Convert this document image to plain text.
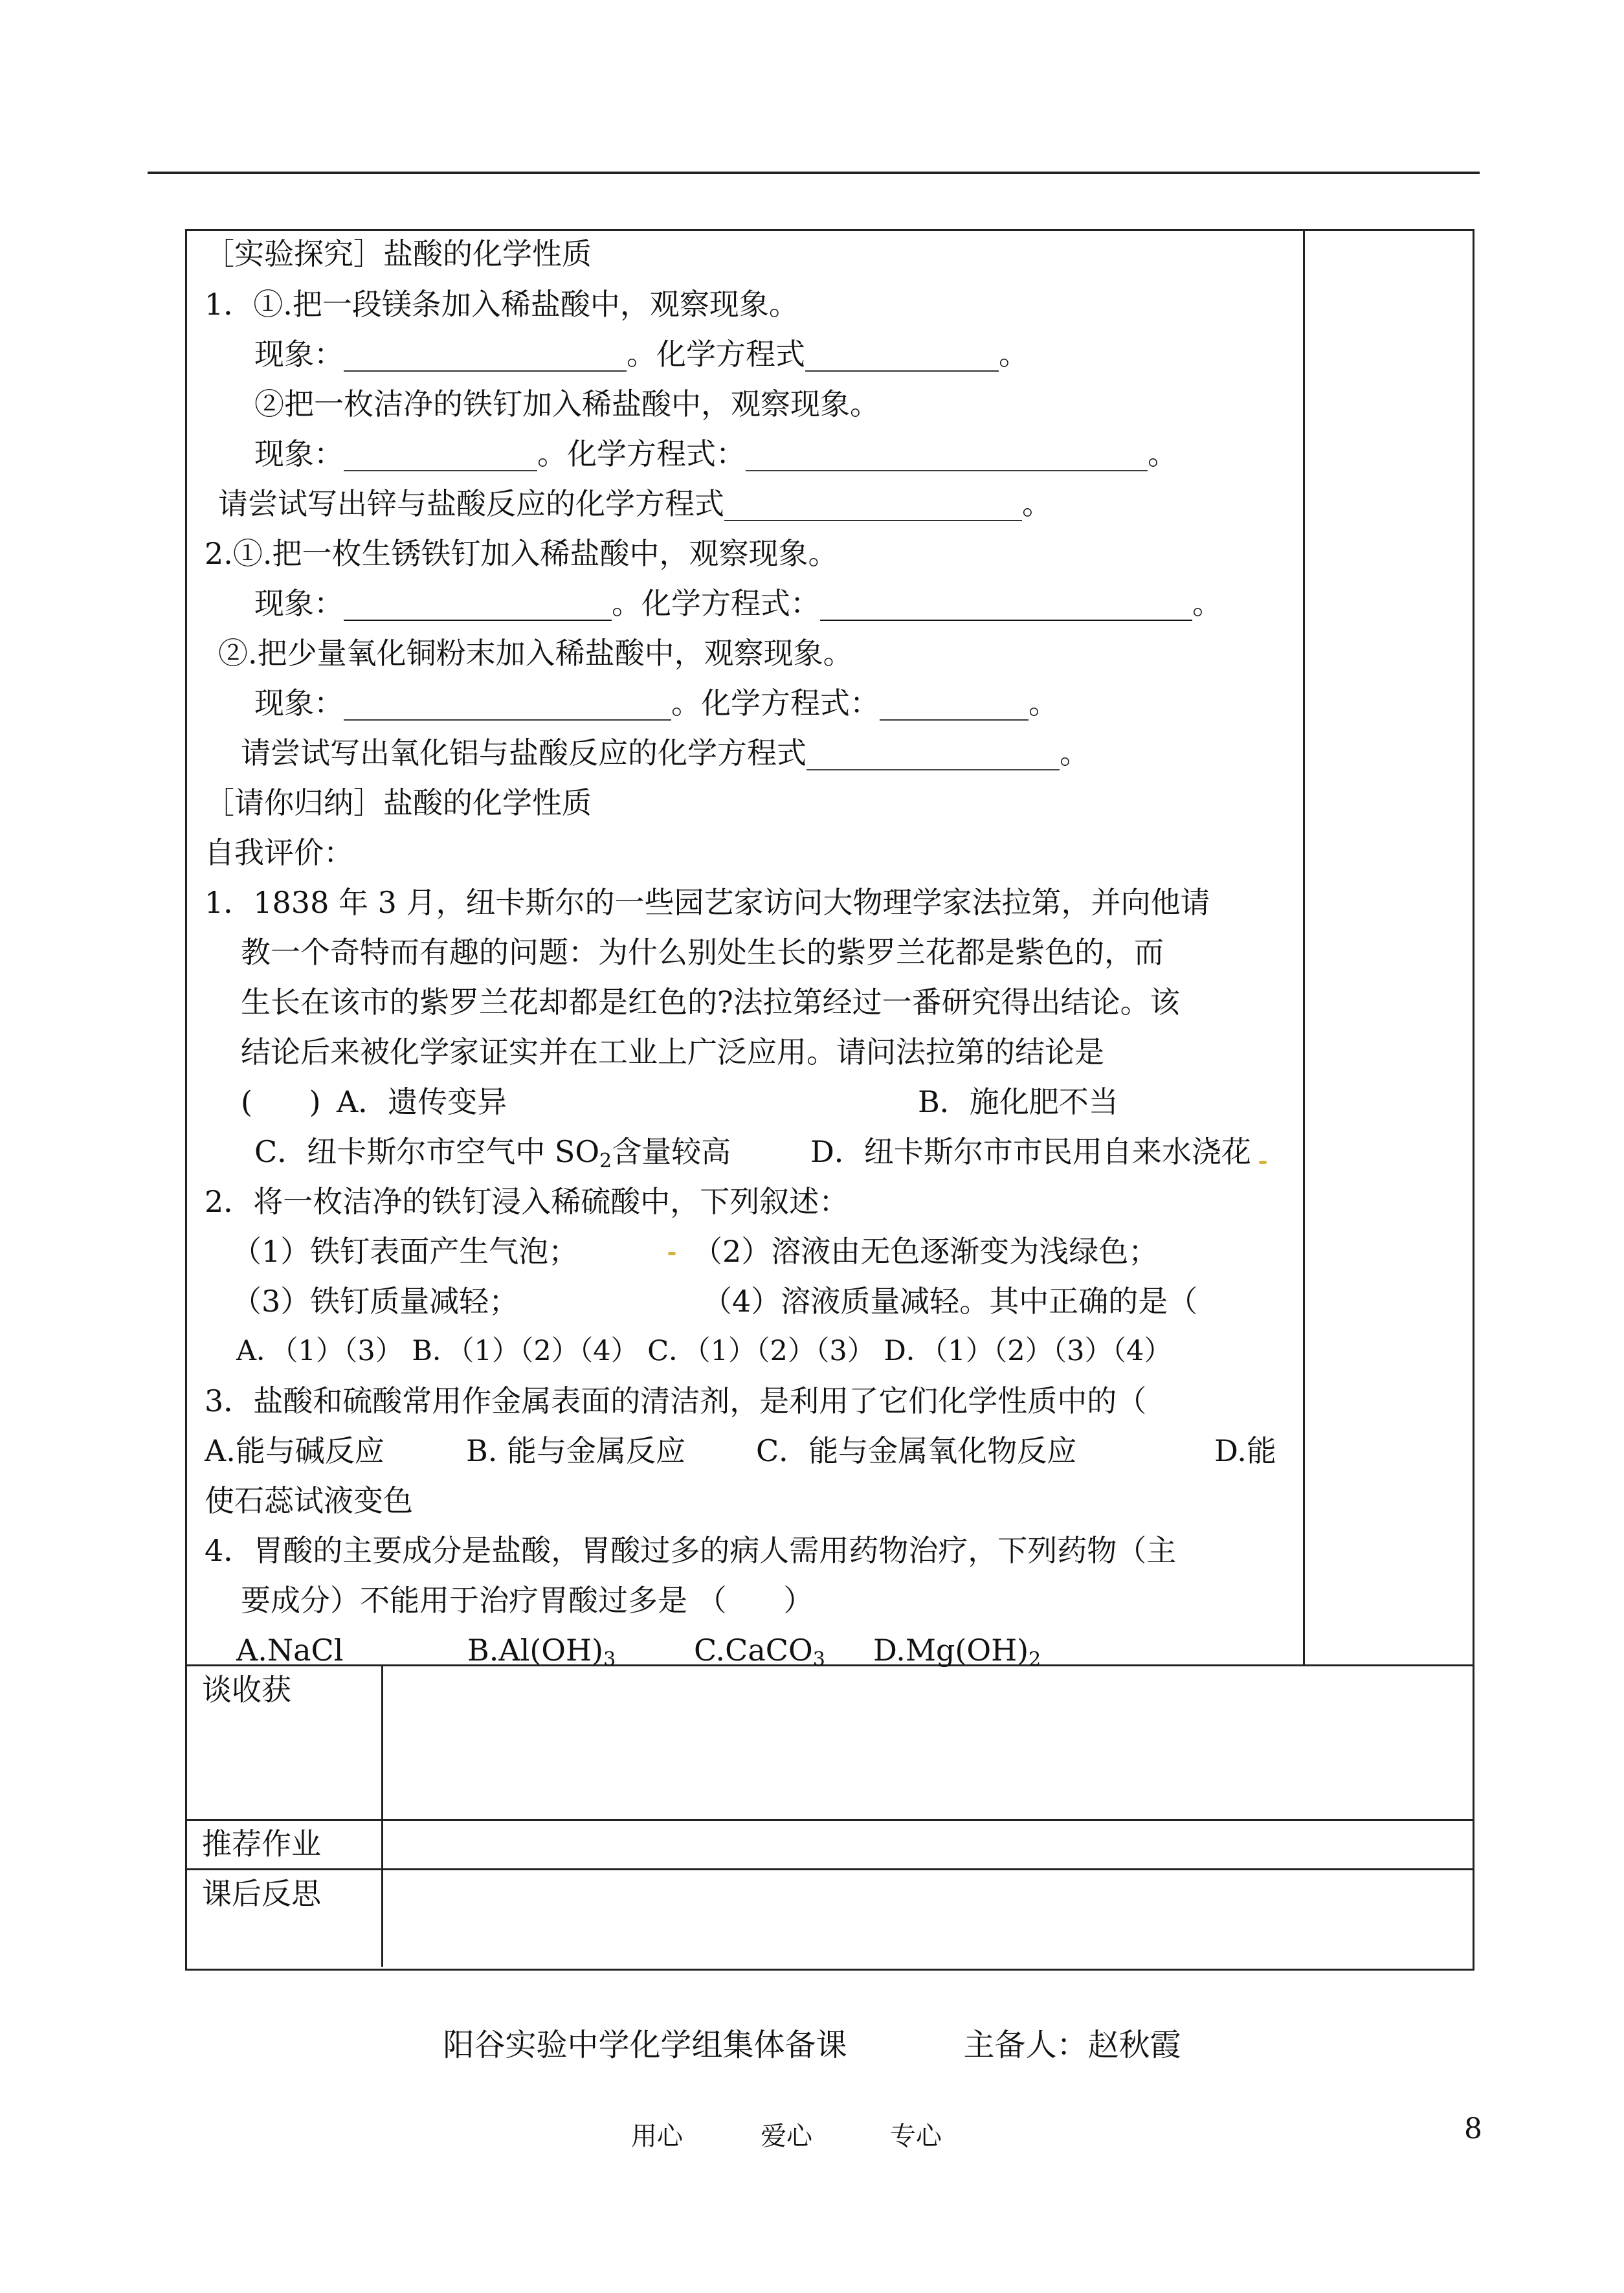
［实验探究］盐酸的化学性质
1．①.把一段镁条加入稀盐酸中，观察现象。
现象：___________________。化学方程式_____________。
②把一枚洁净的铁钉加入稀盐酸中，观察现象。
现象：_____________。化学方程式：___________________________。
请尝试写出锌与盐酸反应的化学方程式____________________。
2.①.把一枚生锈铁钉加入稀盐酸中，观察现象。
现象：__________________。化学方程式：_________________________。
②.把少量氧化铜粉末加入稀盐酸中，观察现象。
现象：______________________。化学方程式：__________。
请尝试写出氧化铝与盐酸反应的化学方程式_________________。
［请你归纳］盐酸的化学性质
自我评价：
1．1838 年 3 月，纽卡斯尔的一些园艺家访问大物理学家法拉第，并向他请
教一个奇特而有趣的问题：为什么别处生长的紫罗兰花都是紫色的，而
生长在该市的紫罗兰花却都是红色的?法拉第经过一番研究得出结论。该
结论后来被化学家证实并在工业上广泛应用。请问法拉第的结论是
(      ) A．遗传变异	B．施化肥不当
C．纽卡斯尔市空气中 $SO_2$含量较高	D．纽卡斯尔市市民用自来水浇花
2．将一枚洁净的铁钉浸入稀硫酸中，下列叙述：
（1）铁钉表面产生气泡；	（2）溶液由无色逐渐变为浅绿色；
（3）铁钉质量减轻；	（4）溶液质量减轻。其中正确的是（
A．（1）（3） B．（1）（2）（4） C．（1）（2）（3） D．（1）（2）（3）（4）
3．盐酸和硫酸常用作金属表面的清洁剂，是利用了它们化学性质中的（
A.能与碱反应	B. 能与金属反应 C．能与金属氧化物反应	D.能
使石蕊试液变色
4．胃酸的主要成分是盐酸，胃酸过多的病人需用药物治疗，下列药物（主
要成分）不能用于治疗胃酸过多是 （      ）
A.NaCl	$B.Al(OH)_3$	C.CaCO$_3$ $D.Mg(OH)_2$
谈收获
推荐作业
课后反思
阳谷实验中学化学组集体备课	主备人：赵秋霞
用心	爱心	专心	8
